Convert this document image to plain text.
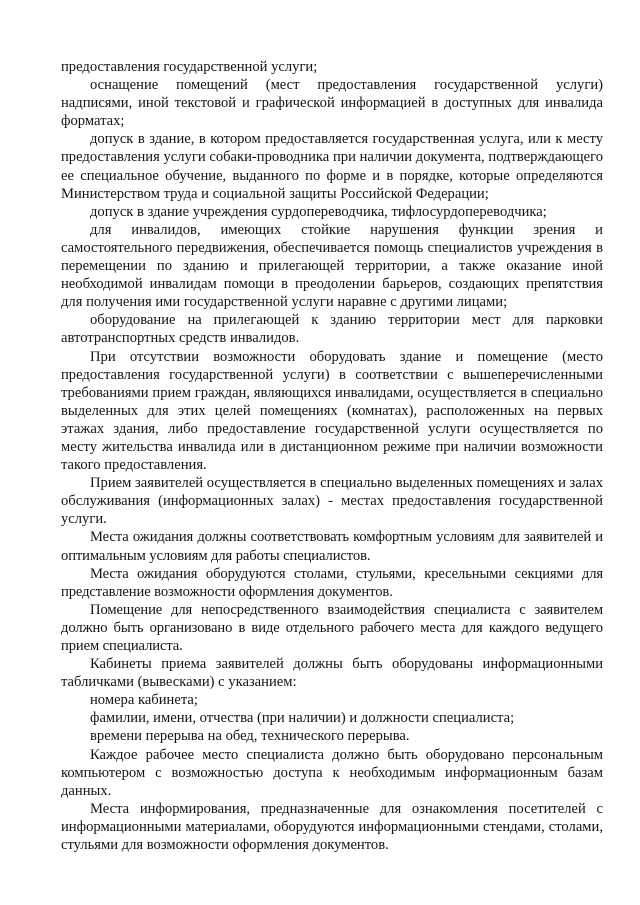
предоставления государственной услуги;

оснащение помещений (мест предоставления государственной услуги) надписями, иной текстовой и графической информацией в доступных для инвалида форматах;

допуск в здание, в котором предоставляется государственная услуга, или к месту предоставления услуги собаки-проводника при наличии документа, подтверждающего ее специальное обучение, выданного по форме и в порядке, которые определяются Министерством труда и социальной защиты Российской Федерации;

допуск в здание учреждения сурдопереводчика, тифлосурдопереводчика;

для инвалидов, имеющих стойкие нарушения функции зрения и самостоятельного передвижения, обеспечивается помощь специалистов учреждения в перемещении по зданию и прилегающей территории, а также оказание иной необходимой инвалидам помощи в преодолении барьеров, создающих препятствия для получения ими государственной услуги наравне с другими лицами;

оборудование на прилегающей к зданию территории мест для парковки автотранспортных средств инвалидов.

При отсутствии возможности оборудовать здание и помещение (место предоставления государственной услуги) в соответствии с вышеперечисленными требованиями прием граждан, являющихся инвалидами, осуществляется в специально выделенных для этих целей помещениях (комнатах), расположенных на первых этажах здания, либо предоставление государственной услуги осуществляется по месту жительства инвалида или в дистанционном режиме при наличии возможности такого предоставления.

Прием заявителей осуществляется в специально выделенных помещениях и залах обслуживания (информационных залах) - местах предоставления государственной услуги.

Места ожидания должны соответствовать комфортным условиям для заявителей и оптимальным условиям для работы специалистов.

Места ожидания оборудуются столами, стульями, кресельными секциями для представление возможности оформления документов.

Помещение для непосредственного взаимодействия специалиста с заявителем должно быть организовано в виде отдельного рабочего места для каждого ведущего прием специалиста.

Кабинеты приема заявителей должны быть оборудованы информационными табличками (вывесками) с указанием:

номера кабинета;

фамилии, имени, отчества (при наличии) и должности специалиста;

времени перерыва на обед, технического перерыва.

Каждое рабочее место специалиста должно быть оборудовано персональным компьютером с возможностью доступа к необходимым информационным базам данных.

Места информирования, предназначенные для ознакомления посетителей с информационными материалами, оборудуются информационными стендами, столами, стульями для возможности оформления документов.
